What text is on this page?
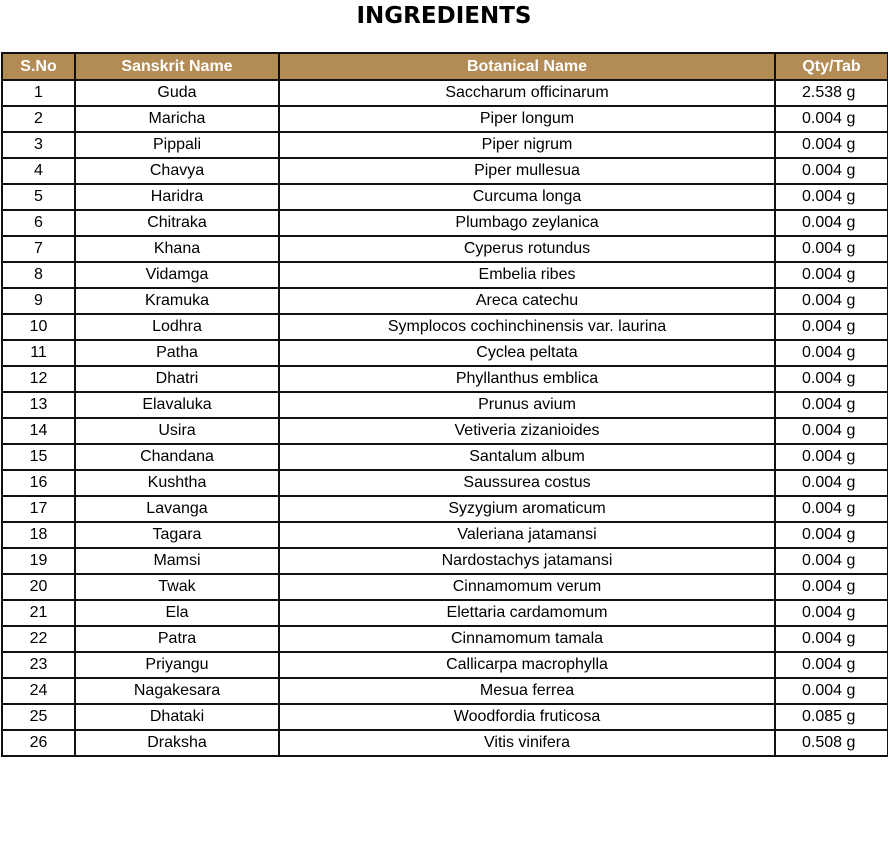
INGREDIENTS
S.No	Sanskrit Name	Botanical Name	Qty/Tab
1	Guda	Saccharum officinarum	2.538 g
2	Maricha	Piper longum	0.004 g
3	Pippali	Piper nigrum	0.004 g
4	Chavya	Piper mullesua	0.004 g
5	Haridra	Curcuma longa	0.004 g
6	Chitraka	Plumbago zeylanica	0.004 g
7	Khana	Cyperus rotundus	0.004 g
8	Vidamga	Embelia ribes	0.004 g
9	Kramuka	Areca catechu	0.004 g
10	Lodhra	Symplocos cochinchinensis var. laurina	0.004 g
11	Patha	Cyclea peltata	0.004 g
12	Dhatri	Phyllanthus emblica	0.004 g
13	Elavaluka	Prunus avium	0.004 g
14	Usira	Vetiveria zizanioides	0.004 g
15	Chandana	Santalum album	0.004 g
16	Kushtha	Saussurea costus	0.004 g
17	Lavanga	Syzygium aromaticum	0.004 g
18	Tagara	Valeriana jatamansi	0.004 g
19	Mamsi	Nardostachys jatamansi	0.004 g
20	Twak	Cinnamomum verum	0.004 g
21	Ela	Elettaria cardamomum	0.004 g
22	Patra	Cinnamomum tamala	0.004 g
23	Priyangu	Callicarpa macrophylla	0.004 g
24	Nagakesara	Mesua ferrea	0.004 g
25	Dhataki	Woodfordia fruticosa	0.085 g
26	Draksha	Vitis vinifera	0.508 g
